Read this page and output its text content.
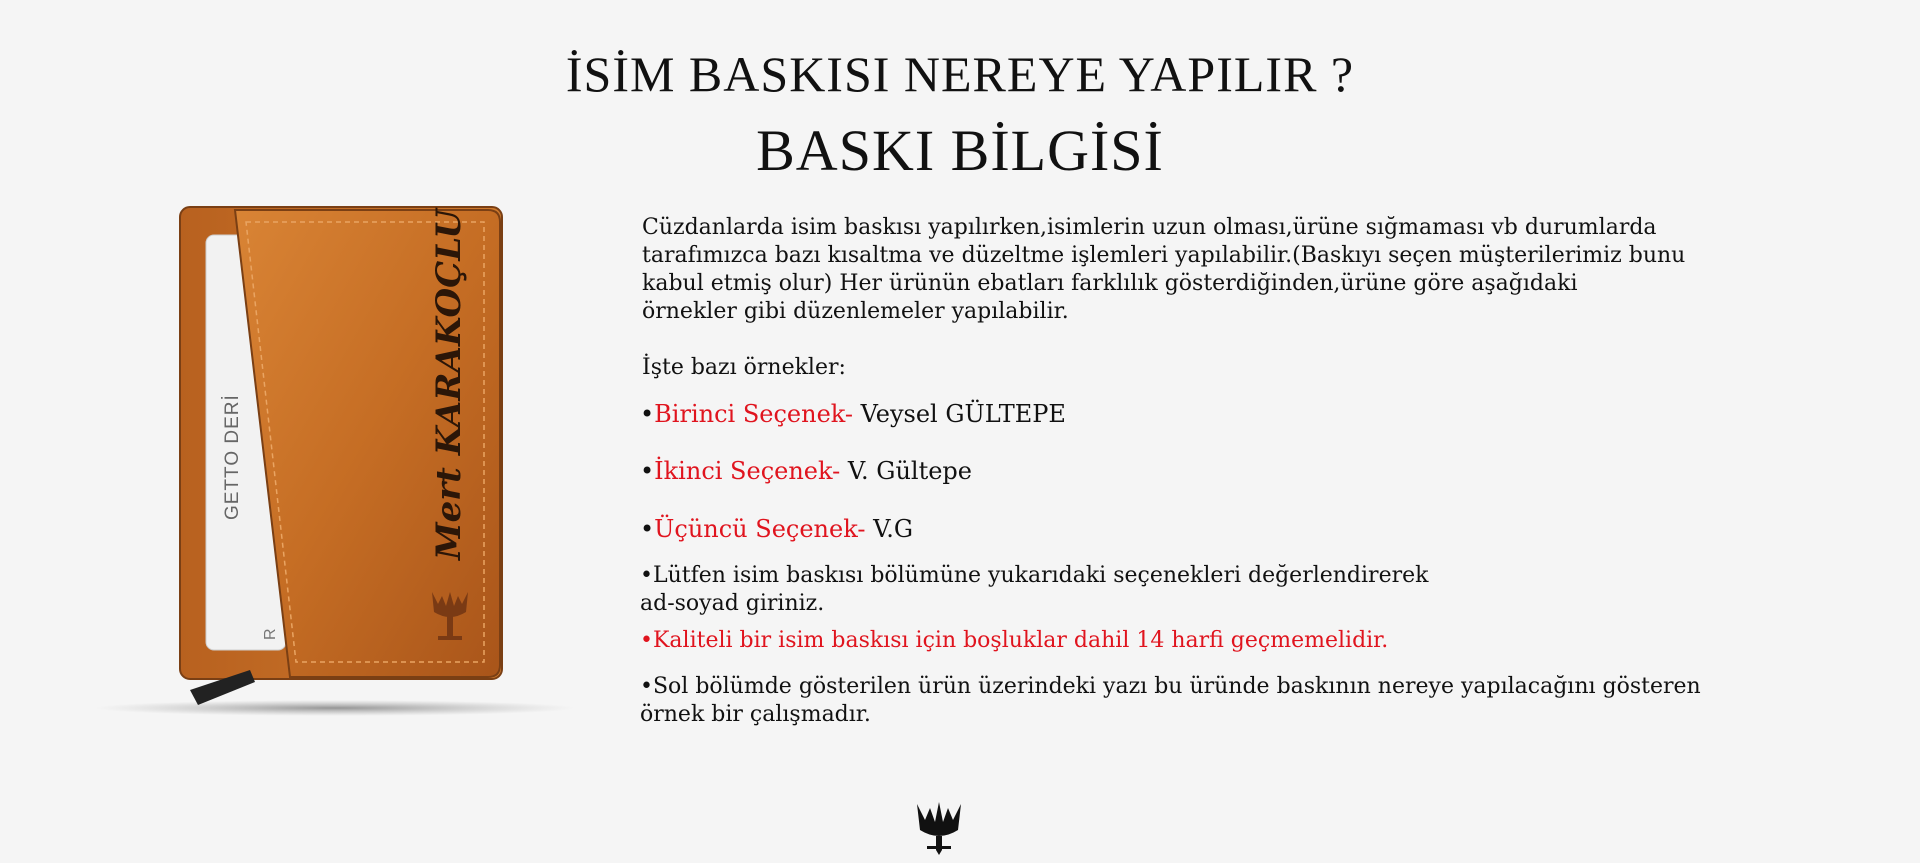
İSİM BASKISI NEREYE YAPILIR ?
BASKI BİLGİSİ
GETTO DERİ
R
Mert KARAKOÇLU	Cüzdanlarda isim baskısı yapılırken,isimlerin uzun olması,ürüne sığmaması vb durumlarda
tarafımızca bazı kısaltma ve düzeltme işlemleri yapılabilir.(Baskıyı seçen müşterilerimiz bunu
kabul etmiş olur) Her ürünün ebatları farklılık gösterdiğinden,ürüne göre aşağıdaki
örnekler gibi düzenlemeler yapılabilir.
İşte bazı örnekler:
•Birinci Seçenek- Veysel GÜLTEPE
•İkinci Seçenek- V. Gültepe
•Üçüncü Seçenek- V.G
•Lütfen isim baskısı bölümüne yukarıdaki seçenekleri değerlendirerek
ad-soyad giriniz.
•Kaliteli bir isim baskısı için boşluklar dahil 14 harfi geçmemelidir.
•Sol bölümde gösterilen ürün üzerindeki yazı bu üründe baskının nereye yapılacağını gösteren
örnek bir çalışmadır.
